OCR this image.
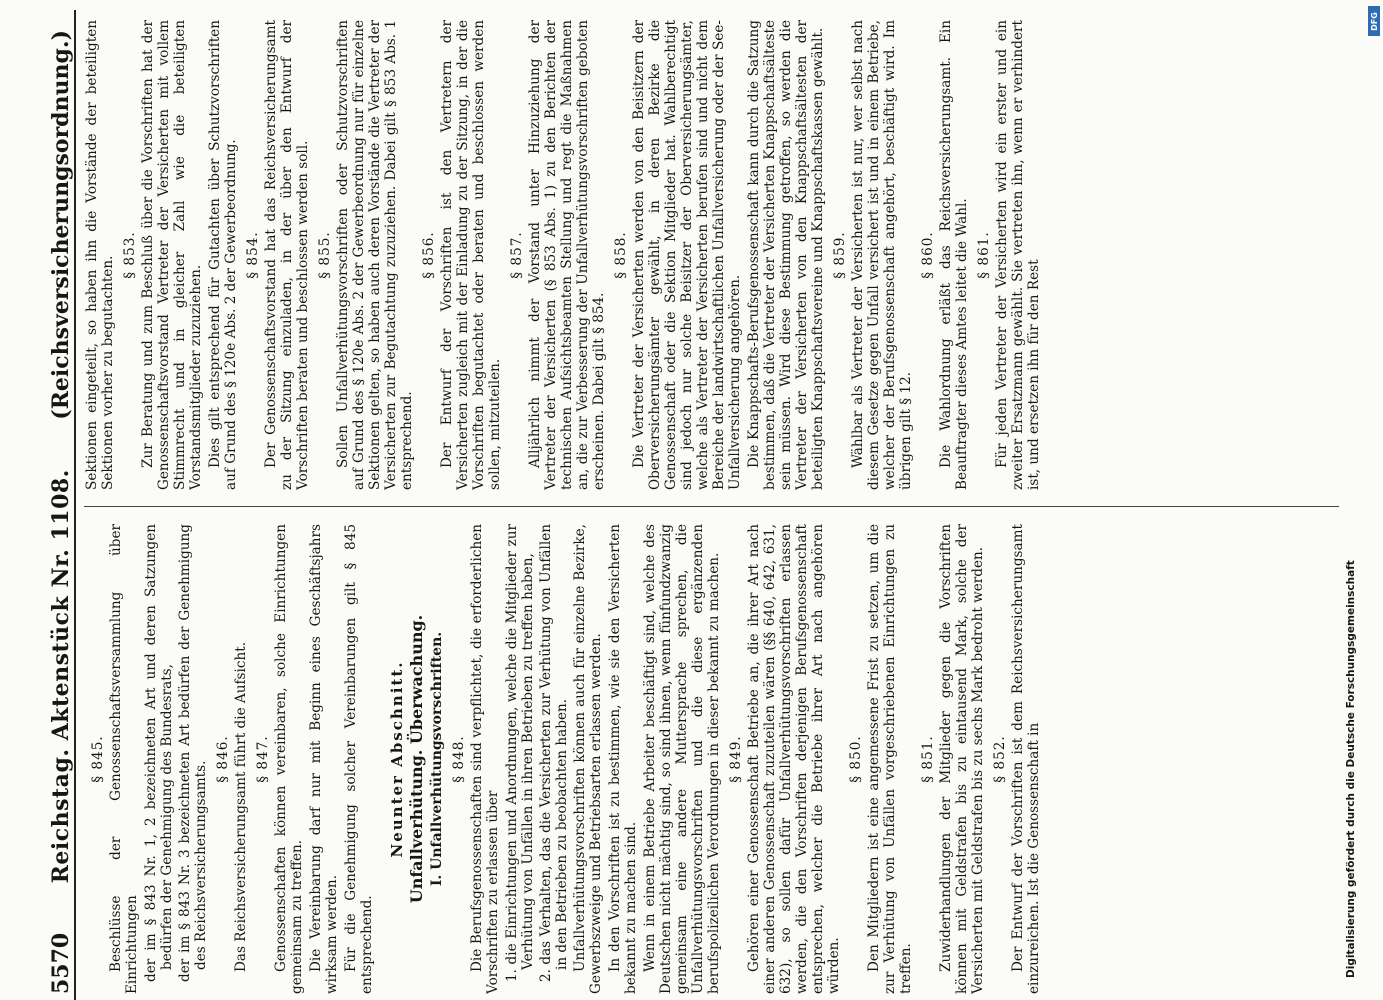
5570
Reichstag. Aktenstück Nr. 1108.
(Reichsversicherungsordnung.)
§ 845. Beschlüsse der Genossenschaftsversammlung über Einrichtungen der im § 843 Nr. 1, 2 bezeichneten Art und deren Satzungen bedürfen der Genehmigung des Bundesrats, der im § 843 Nr. 3 bezeichneten Art bedürfen der Genehmigung des Reichsversicherungsamts.
§ 846. Das Reichsversicherungsamt führt die Aufsicht. § 847. Genossenschaften können vereinbaren, solche Einrichtungen gemeinsam zu treffen. Die Vereinbarung darf nur mit Beginn eines Geschäftsjahrs wirksam werden. Für die Genehmigung solcher Vereinbarungen gilt § 845 entsprechend.

Neunter Abschnitt. Unfallverhütung. Überwachung. I. Unfallverhütungsvorschriften. § 848. Die Berufsgenossenschaften sind verpflichtet, die erforderlichen Vorschriften zu erlassen über 1. die Einrichtungen und Anordnungen, welche die Mitglieder zur Verhütung von Unfällen in ihren Betrieben zu treffen haben, 2. das Verhalten, das die Versicherten zur Verhütung von Unfällen in den Betrieben zu beobachten haben. Unfallverhütungsvorschriften können auch für einzelne Bezirke, Gewerbszweige und Betriebsarten erlassen werden. In den Vorschriften ist zu bestimmen, wie sie den Versicherten bekannt zu machen sind. Wenn in einem Betriebe Arbeiter beschäftigt sind, welche des Deutschen nicht mächtig sind, so sind ihnen, wenn fünfundzwanzig gemeinsam eine andere Muttersprache sprechen, die Unfallverhütungsvorschriften und die diese ergänzenden berufspolizeilichen Verordnungen in dieser bekannt zu machen. § 849. Gehören einer Genossenschaft Betriebe an, die ihrer Art nach einer anderen Genossenschaft zuzuteilen wären (§§ 640, 642, 631, 632), so sollen dafür Unfallverhütungsvorschriften erlassen werden, die den Vorschriften derjenigen Berufsgenossenschaft entsprechen, welcher die Betriebe ihrer Art nach angehören würden.

§ 850. Den Mitgliedern ist eine angemessene Frist zu setzen, um die zur Verhütung von Unfällen vorgeschriebenen Einrichtungen zu treffen.

§ 851. Zuwiderhandlungen der Mitglieder gegen die Vorschriften können mit Geldstrafen bis zu eintausend Mark, solche der Versicherten mit Geldstrafen bis zu sechs Mark bedroht werden. § 852. Der Entwurf der Vorschriften ist dem Reichsversicherungsamt einzureichen. Ist die Genossenschaft in

Sektionen eingeteilt, so haben ihn die Vorstände der beteiligten Sektionen vorher zu begutachten.

§ 853. Zur Beratung und zum Beschluß über die Vorschriften hat der Genossenschaftsvorstand Vertreter der Versicherten mit vollem Stimmrecht und in gleicher Zahl wie die beteiligten Vorstandsmitglieder zuzuziehen. Dies gilt entsprechend für Gutachten über Schutzvorschriften auf Grund des § 120e Abs. 2 der Gewerbeordnung. § 854. Der Genossenschaftsvorstand hat das Reichsversicherungsamt zu der Sitzung einzuladen, in der über den Entwurf der Vorschriften beraten und beschlossen werden soll. § 855. Sollen Unfallverhütungsvorschriften oder Schutzvorschriften auf Grund des § 120e Abs. 2 der Gewerbeordnung nur für einzelne Sektionen gelten, so haben auch deren Vorstände die Vertreter der Versicherten zur Begutachtung zuzuziehen. Dabei gilt § 853 Abs. 1 entsprechend.

§ 856. Der Entwurf der Vorschriften ist den Vertretern der Versicherten zugleich mit der Einladung zu der Sitzung, in der die Vorschriften begutachtet oder beraten und beschlossen werden sollen, mitzuteilen.

§ 857. Alljährlich nimmt der Vorstand unter Hinzuziehung der Vertreter der Versicherten (§ 853 Abs. 1) zu den Berichten der technischen Aufsichtsbeamten Stellung und regt die Maßnahmen an, die zur Verbesserung der Unfallverhütungsvorschriften geboten erscheinen. Dabei gilt § 854.

§ 858. Die Vertreter der Versicherten werden von den Beisitzern der Oberversicherungsämter gewählt, in deren Bezirke die Genossenschaft oder die Sektion Mitglieder hat. Wahlberechtigt sind jedoch nur solche Beisitzer der Oberversicherungsämter, welche als Vertreter der Versicherten berufen sind und nicht dem Bereiche der landwirtschaftlichen Unfallversicherung oder der See-Unfallversicherung angehören. Die Knappschafts-Berufsgenossenschaft kann durch die Satzung bestimmen, daß die Vertreter der Versicherten Knappschaftsälteste sein müssen. Wird diese Bestimmung getroffen, so werden die Vertreter der Versicherten von den Knappschaftsältesten der beteiligten Knappschaftsvereine und Knappschaftskassen gewählt. § 859. Wählbar als Vertreter der Versicherten ist nur, wer selbst nach diesem Gesetze gegen Unfall versichert ist und in einem Betriebe, welcher der Berufsgenossenschaft angehört, beschäftigt wird. Im übrigen gilt § 12.

§ 860. Die Wahlordnung erläßt das Reichsversicherungsamt. Ein Beauftragter dieses Amtes leitet die Wahl. § 861. Für jeden Vertreter der Versicherten wird ein erster und ein zweiter Ersatzmann gewählt. Sie vertreten ihn, wenn er verhindert ist, und ersetzen ihn für den Rest

Digitalisierung gefördert durch die Deutsche Forschungsgemeinschaft
DFG
